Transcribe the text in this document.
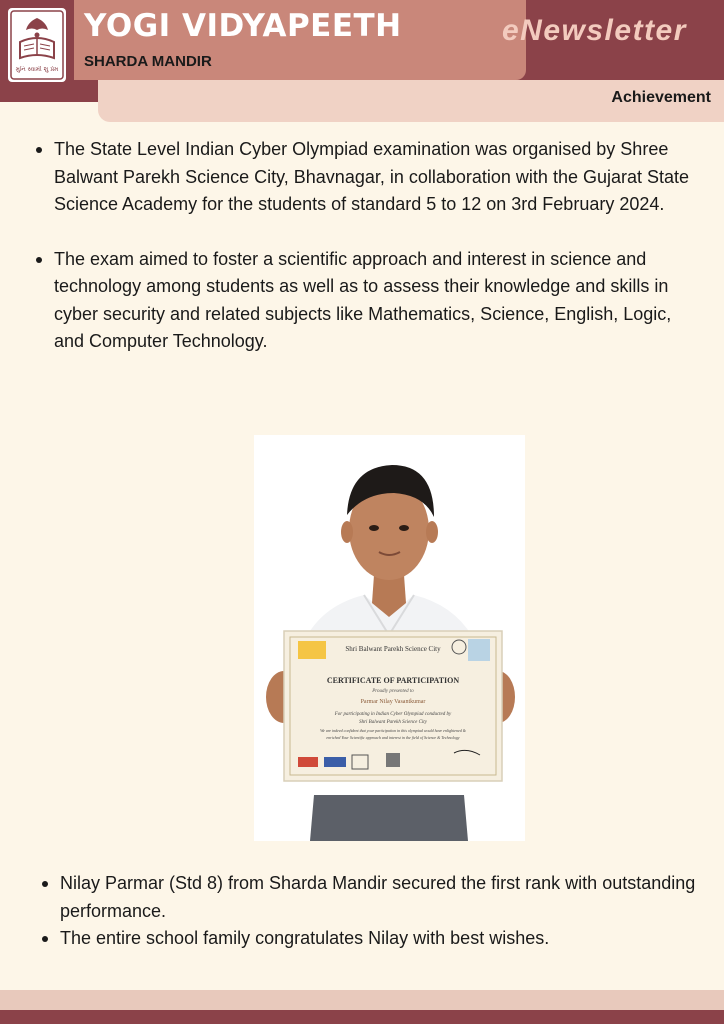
મુનિ સ્વામી શુ પ્રેમ
YOGI VIDYAPEETH
SHARDA MANDIR
eNewsletter
Achievement
The State Level Indian Cyber Olympiad examination was organised by Shree Balwant Parekh Science City, Bhavnagar, in collaboration with the Gujarat State Science Academy for the students of standard 5 to 12 on 3rd February 2024.
The exam aimed to foster a scientific approach and interest in science and technology among students as well as to assess their knowledge and skills in cyber security and related subjects like Mathematics, Science, English, Logic, and Computer Technology.
Shri Balwant Parekh Science City
CERTIFICATE OF PARTICIPATION
Proudly presented to
Parmar Nilay Vasantkumar
For participating in Indian Cyber Olympiad conducted by
Shri Balwant Parekh Science City
We are indeed confident that your participation in this olympiad would have enlightened &
enriched Your Scientific approach and interest in the field of Science & Technology
Nilay Parmar (Std 8) from Sharda Mandir secured the first rank with outstanding performance.
The entire school family congratulates Nilay with best wishes.
